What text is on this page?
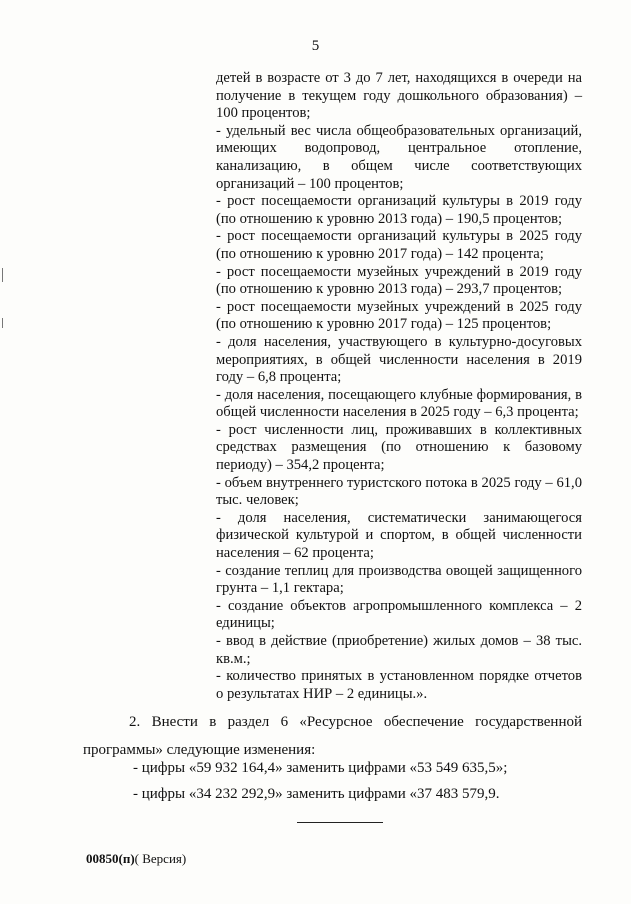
5

детей в возрасте от 3 до 7 лет, находящихся в очереди на получение в текущем году дошкольного образования) – 100 процентов;

- удельный вес числа общеобразовательных организаций, имеющих водопровод, центральное отопление, канализацию, в общем числе соответствующих организаций – 100 процентов;

- рост посещаемости организаций культуры в 2019 году (по отношению к уровню 2013 года) – 190,5 процентов;

- рост посещаемости организаций культуры в 2025 году (по отношению к уровню 2017 года) – 142 процента;

- рост посещаемости музейных учреждений в 2019 году (по отношению к уровню 2013 года) – 293,7 процентов;

- рост посещаемости музейных учреждений в 2025 году (по отношению к уровню 2017 года) – 125 процентов;

- доля населения, участвующего в культурно-досуговых мероприятиях, в общей численности населения в 2019 году – 6,8 процента;

- доля населения, посещающего клубные формирования, в общей численности населения в 2025 году – 6,3 процента;

- рост численности лиц, проживавших в коллективных средствах размещения (по отношению к базовому периоду) – 354,2 процента;

- объем внутреннего туристского потока в 2025 году – 61,0 тыс. человек;

- доля населения, систематически занимающегося физической культурой и спортом, в общей численности населения – 62 процента;

- создание теплиц для производства овощей защищенного грунта – 1,1 гектара;

- создание объектов агропромышленного комплекса – 2 единицы;

- ввод в действие (приобретение) жилых домов – 38 тыс. кв.м.;

- количество принятых в установленном порядке отчетов о результатах НИР – 2 единицы.».

2. Внести в раздел 6 «Ресурсное обеспечение государственной
программы» следующие изменения:
- цифры «59 932 164,4» заменить цифрами «53 549 635,5»;
- цифры «34 232 292,9» заменить цифрами «37 483 579,9.
00850(п)( Версия)
